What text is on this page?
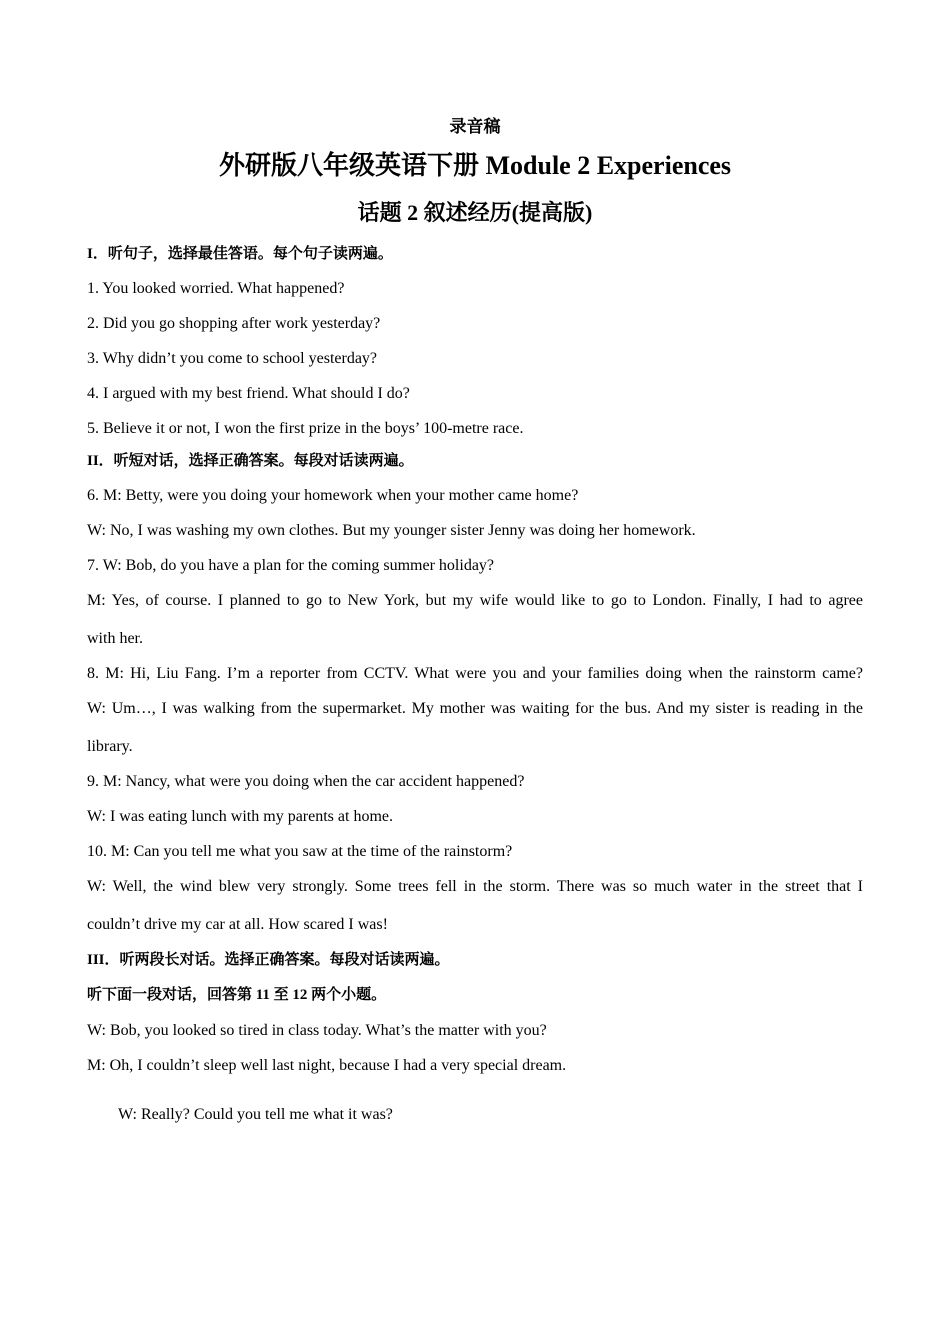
录音稿
外研版八年级英语下册 Module 2 Experiences
话题 2 叙述经历(提高版)
I．听句子，选择最佳答语。每个句子读两遍。
1. You looked worried. What happened?
2. Did you go shopping after work yesterday?
3. Why didn’t you come to school yesterday?
4. I argued with my best friend. What should I do?
5. Believe it or not, I won the first prize in the boys’ 100-metre race.
II．听短对话，选择正确答案。每段对话读两遍。
6. M: Betty, were you doing your homework when your mother came home?
W: No, I was washing my own clothes. But my younger sister Jenny was doing her homework.
7. W: Bob, do you have a plan for the coming summer holiday?
M: Yes, of course. I planned to go to New York, but my wife would like to go to London. Finally, I had to agree
with her.
8. M: Hi, Liu Fang. I’m a reporter from CCTV. What were you and your families doing when the rainstorm came?
W: Um…, I was walking from the supermarket. My mother was waiting for the bus. And my sister is reading in the
library.
9. M: Nancy, what were you doing when the car accident happened?
W: I was eating lunch with my parents at home.
10. M: Can you tell me what you saw at the time of the rainstorm?
W: Well, the wind blew very strongly. Some trees fell in the storm. There was so much water in the street that I
couldn’t drive my car at all. How scared I was!
III．听两段长对话。选择正确答案。每段对话读两遍。
听下面一段对话，回答第 11 至 12 两个小题。
W: Bob, you looked so tired in class today. What’s the matter with you?
M: Oh, I couldn’t sleep well last night, because I had a very special dream.
W: Really? Could you tell me what it was?
